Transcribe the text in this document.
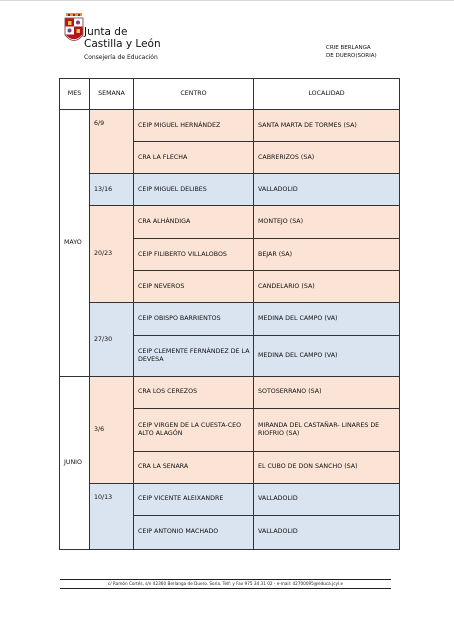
Junta de
Castilla y León
Consejería de Educación
CRIE BERLANGA
DE DUERO(SORIA)
MES	SEMANA	CENTRO	LOCALIDAD
MAYO	6/9	CEIP MIGUEL HERNÁNDEZ	SANTA MARTA DE TORMES (SA)
		CRA LA FLECHA	CABRERIZOS (SA)
	13/16	CEIP MIGUEL DELIBES	VALLADOLID
	20/23	CRA ALHÁNDIGA	MONTEJO (SA)
		CEIP FILIBERTO VILLALOBOS	BEJAR (SA)
		CEIP NEVEROS	CANDELARIO (SA)
	27/30	CEIP OBISPO BARRIENTOS	MEDINA DEL CAMPO (VA)
		CEIP CLEMENTE FERNÁNDEZ DE LA DEVESA	MEDINA DEL CAMPO (VA)
JUNIO	3/6	CRA LOS CEREZOS	SOTOSERRANO (SA)
		CEIP VIRGEN DE LA CUESTA-CEO ALTO ALAGÓN	MIRANDA DEL CASTAÑAR- LINARES DE RIOFRIO (SA)
		CRA LA SENARA	EL CUBO DE DON SANCHO (SA)
	10/13	CEIP VICENTE ALEIXANDRE	VALLADOLID
		CEIP ANTONIO MACHADO	VALLADOLID
c/ Ramón Cortés, s/n 42360 Berlanga de Duero. Soria. Telf: y Fax 975 34 31 02 - e-mail: 42700095@educa.jcyl.e
